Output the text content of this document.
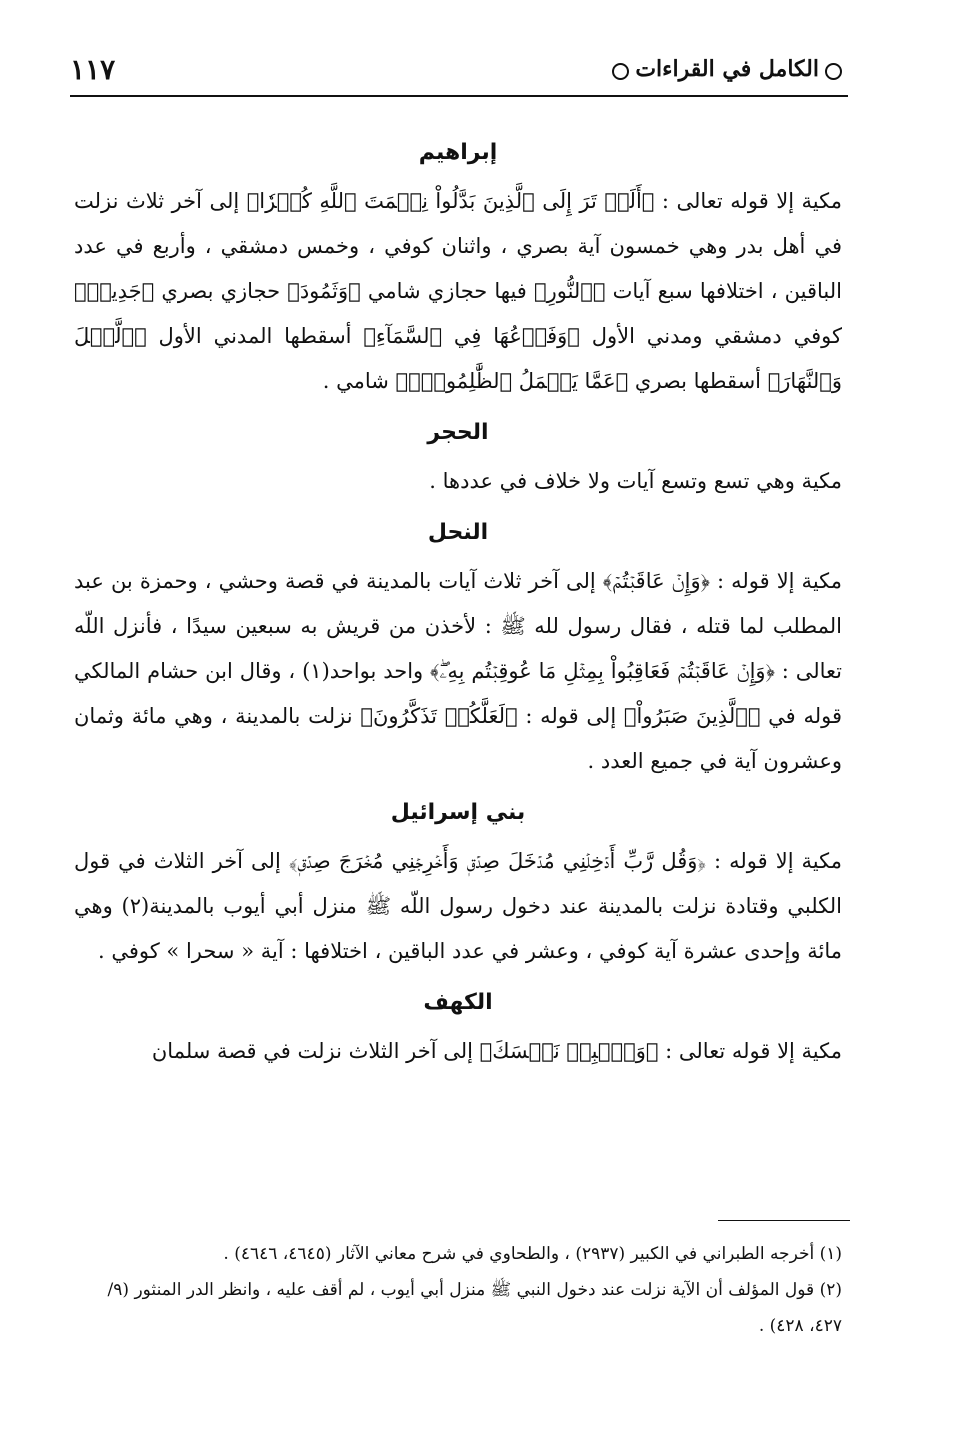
الكامل في القراءات
١١٧
إبراهيم

مكية إلا قوله تعالى : ﴿أَلَمۡ تَرَ إِلَى ٱلَّذِينَ بَدَّلُواْ نِعۡمَتَ ٱللَّهِ كُفۡرٗا﴾ إلى آخر ثلاث نزلت في أهل بدر وهي خمسون آية بصري ، واثنان كوفي ، وخمس دمشقي ، وأربع في عدد الباقين ، اختلافها سبع آيات ﴿ٱلنُّورِ﴾ فيها حجازي شامي ﴿وَثَمُودَ﴾ حجازي بصري ﴿جَدِيدٖ﴾ كوفي دمشقي ومدني الأول ﴿وَفَرۡعُهَا فِي ٱلسَّمَآءِ﴾ أسقطها المدني الأول ﴿ٱلَّيۡلَ وَٱلنَّهَارَ﴾ أسقطها بصري ﴿عَمَّا يَعۡمَلُ ٱلظَّٰلِمُونَۚ﴾ شامي .

الحجر

مكية وهي تسع وتسع آيات ولا خلاف في عددها .

النحل

مكية إلا قوله : ﴿وَإِنۡ عَاقَبۡتُمۡ﴾ إلى آخر ثلاث آيات بالمدينة في قصة وحشي ، وحمزة بن عبد المطلب لما قتله ، فقال رسول لله ﷺ : لأخذن من قريش به سبعين سيدًا ، فأنزل اللّه تعالى : ﴿وَإِنۡ عَاقَبۡتُمۡ فَعَاقِبُواْ بِمِثۡلِ مَا عُوقِبۡتُم بِهِۦۖ﴾ واحد بواحد(١) ، وقال ابن حشام المالكي قوله في ﴿ٱلَّذِينَ صَبَرُواْ﴾ إلى قوله : ﴿لَعَلَّكُمۡ تَذَكَّرُونَ﴾ نزلت بالمدينة ، وهي مائة وثمان وعشرون آية في جميع العدد .

بني إسرائيل

مكية إلا قوله : ﴿وَقُل رَّبِّ أَدۡخِلۡنِي مُدۡخَلَ صِدۡقٖ وَأَخۡرِجۡنِي مُخۡرَجَ صِدۡقٖ﴾ إلى آخر الثلاث في قول الكلبي وقتادة نزلت بالمدينة عند دخول رسول اللّه ﷺ منزل أبي أيوب بالمدينة(٢) وهي مائة وإحدى عشرة آية كوفي ، وعشر في عدد الباقين ، اختلافها : آية « سحرا » كوفي .

الكهف

مكية إلا قوله تعالى : ﴿وَٱصۡبِرۡ نَفۡسَكَ﴾ إلى آخر الثلاث نزلت في قصة سلمان

(١) أخرجه الطبراني في الكبير (٢٩٣٧) ، والطحاوي في شرح معاني الآثار (٤٦٤٥، ٤٦٤٦) .

(٢) قول المؤلف أن الآية نزلت عند دخول النبي ﷺ منزل أبي أيوب ، لم أقف عليه ، وانظر الدر المنثور (٩/ ٤٢٧، ٤٢٨) .
